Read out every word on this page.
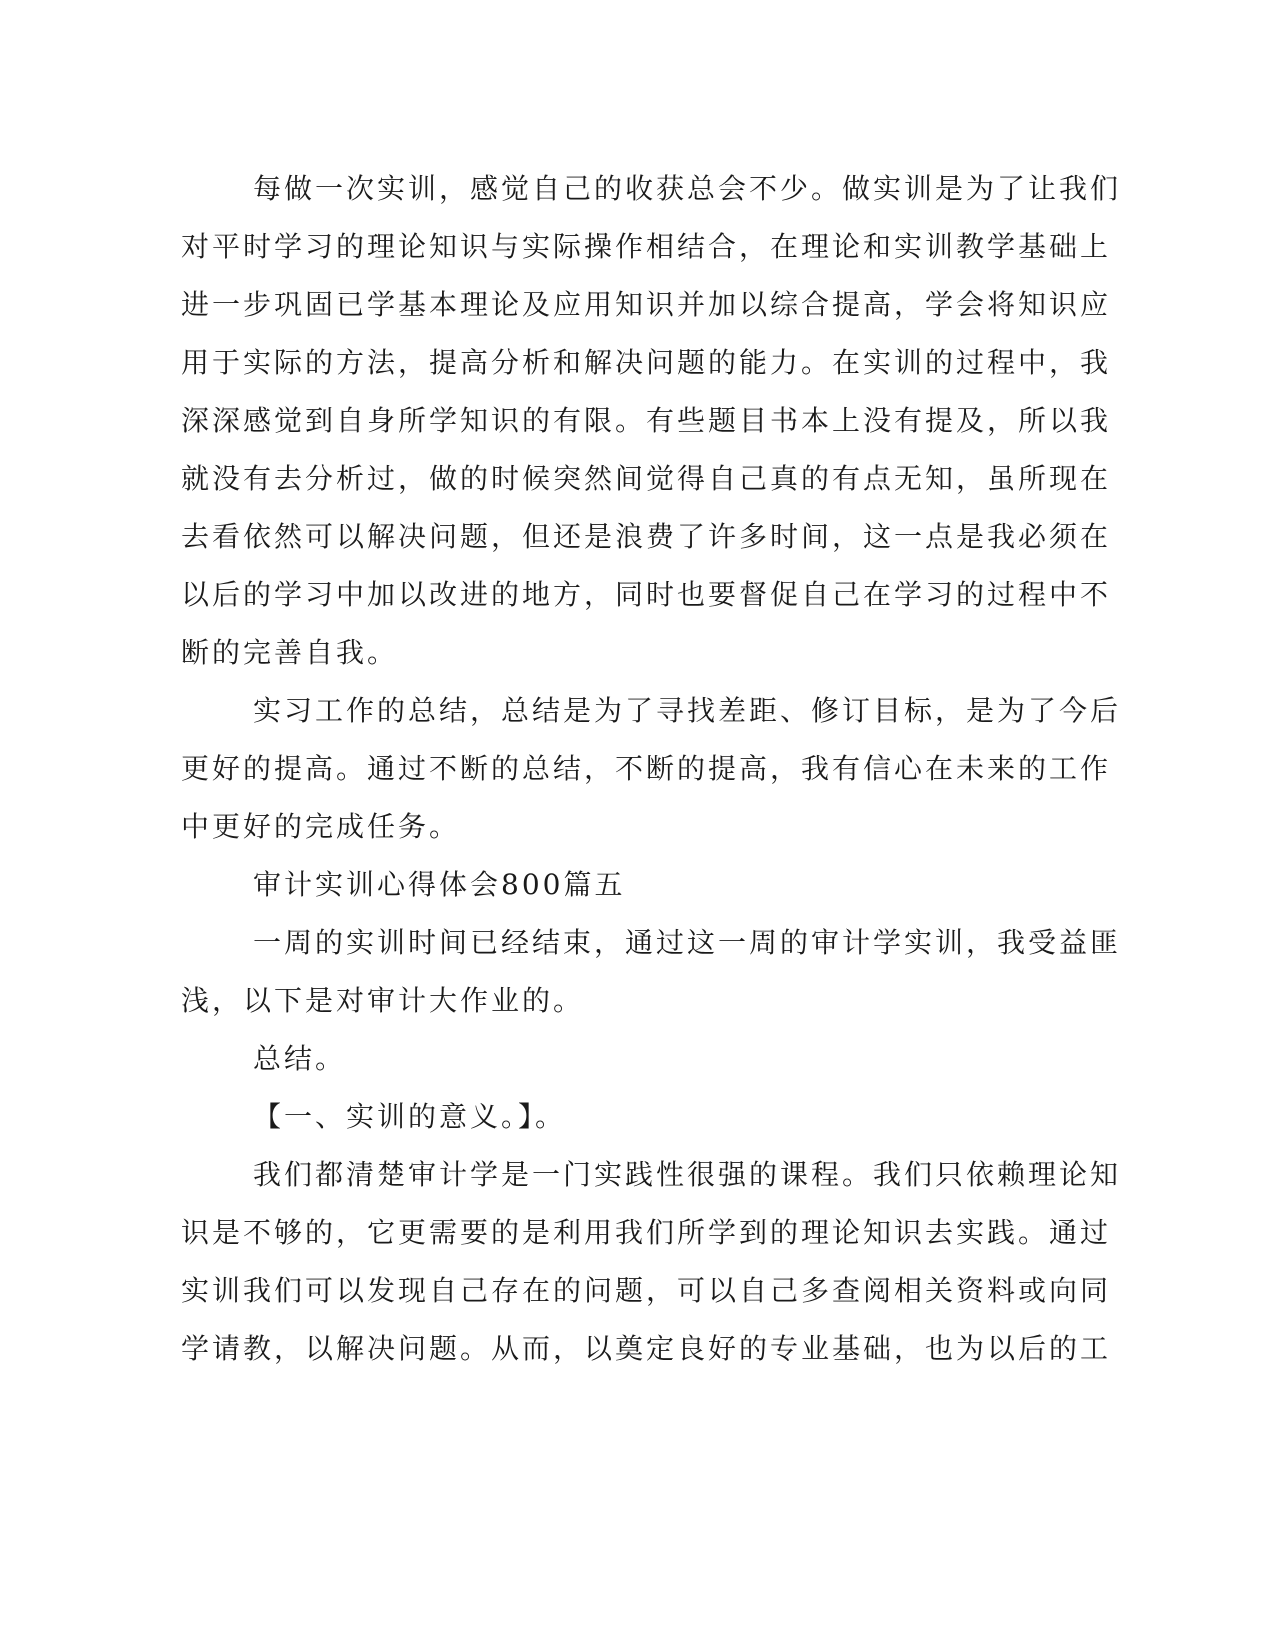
每做一次实训，感觉自己的收获总会不少。做实训是为了让我们
对平时学习的理论知识与实际操作相结合，在理论和实训教学基础上
进一步巩固已学基本理论及应用知识并加以综合提高，学会将知识应
用于实际的方法，提高分析和解决问题的能力。在实训的过程中，我
深深感觉到自身所学知识的有限。有些题目书本上没有提及，所以我
就没有去分析过，做的时候突然间觉得自己真的有点无知，虽所现在
去看依然可以解决问题，但还是浪费了许多时间，这一点是我必须在
以后的学习中加以改进的地方，同时也要督促自己在学习的过程中不
断的完善自我。
实习工作的总结，总结是为了寻找差距、修订目标，是为了今后
更好的提高。通过不断的总结，不断的提高，我有信心在未来的工作
中更好的完成任务。
审计实训心得体会800篇五
一周的实训时间已经结束，通过这一周的审计学实训，我受益匪
浅，以下是对审计大作业的。
总结。
【一、实训的意义。】。
我们都清楚审计学是一门实践性很强的课程。我们只依赖理论知
识是不够的，它更需要的是利用我们所学到的理论知识去实践。通过
实训我们可以发现自己存在的问题，可以自己多查阅相关资料或向同
学请教，以解决问题。从而，以奠定良好的专业基础，也为以后的工
